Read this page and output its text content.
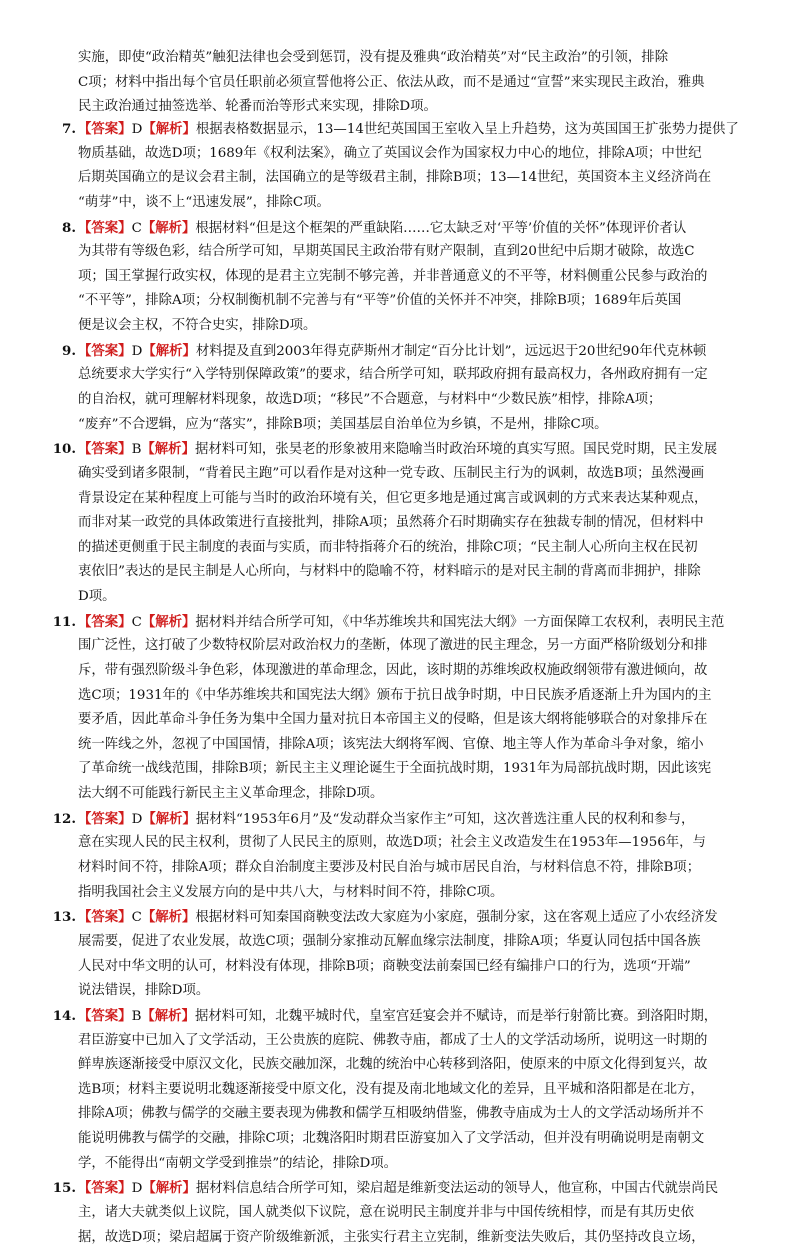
实施，即使“政治精英”触犯法律也会受到惩罚，没有提及雅典“政治精英”对“民主政治”的引领，排除
C项；材料中指出每个官员任职前必须宣誓他将公正、依法从政，而不是通过“宣誓”来实现民主政治，雅典
民主政治通过抽签选举、轮番而治等形式来实现，排除D项。
7. 【答案】D【解析】根据表格数据显示，13—14世纪英国国王室收入呈上升趋势，这为英国国王扩张势力提供了
物质基础，故选D项；1689年《权利法案》，确立了英国议会作为国家权力中心的地位，排除A项；中世纪
后期英国确立的是议会君主制，法国确立的是等级君主制，排除B项；13—14世纪，英国资本主义经济尚在
“萌芽”中，谈不上“迅速发展”，排除C项。
8. 【答案】C【解析】根据材料“但是这个框架的严重缺陷……它太缺乏对‘平等’价值的关怀”体现评价者认
为其带有等级色彩，结合所学可知，早期英国民主政治带有财产限制，直到20世纪中后期才破除，故选C
项；国王掌握行政实权，体现的是君主立宪制不够完善，并非普通意义的不平等，材料侧重公民参与政治的
“不平等”，排除A项；分权制衡机制不完善与有“平等”价值的关怀并不冲突，排除B项；1689年后英国
便是议会主权，不符合史实，排除D项。
9. 【答案】D【解析】材料提及直到2003年得克萨斯州才制定“百分比计划”，远远迟于20世纪90年代克林顿
总统要求大学实行“入学特别保障政策”的要求，结合所学可知，联邦政府拥有最高权力，各州政府拥有一定
的自治权，就可理解材料现象，故选D项；“移民”不合题意，与材料中“少数民族”相悖，排除A项；
“废弃”不合逻辑，应为“落实”，排除B项；美国基层自治单位为乡镇，不是州，排除C项。
10. 【答案】B【解析】据材料可知，张昊老的形象被用来隐喻当时政治环境的真实写照。国民党时期，民主发展
确实受到诸多限制，“背着民主跑”可以看作是对这种一党专政、压制民主行为的讽刺，故选B项；虽然漫画
背景设定在某种程度上可能与当时的政治环境有关，但它更多地是通过寓言或讽刺的方式来表达某种观点，
而非对某一政党的具体政策进行直接批判，排除A项；虽然蒋介石时期确实存在独裁专制的情况，但材料中
的描述更侧重于民主制度的表面与实质，而非特指蒋介石的统治，排除C项；“民主制人心所向主权在民初
衷依旧”表达的是民主制是人心所向，与材料中的隐喻不符，材料暗示的是对民主制的背离而非拥护，排除
D项。
11. 【答案】C【解析】据材料并结合所学可知，《中华苏维埃共和国宪法大纲》一方面保障工农权利，表明民主范
围广泛性，这打破了少数特权阶层对政治权力的垄断，体现了激进的民主理念，另一方面严格阶级划分和排
斥，带有强烈阶级斗争色彩，体现激进的革命理念，因此，该时期的苏维埃政权施政纲领带有激进倾向，故
选C项；1931年的《中华苏维埃共和国宪法大纲》颁布于抗日战争时期，中日民族矛盾逐渐上升为国内的主
要矛盾，因此革命斗争任务为集中全国力量对抗日本帝国主义的侵略，但是该大纲将能够联合的对象排斥在
统一阵线之外，忽视了中国国情，排除A项；该宪法大纲将军阀、官僚、地主等人作为革命斗争对象，缩小
了革命统一战线范围，排除B项；新民主主义理论诞生于全面抗战时期，1931年为局部抗战时期，因此该宪
法大纲不可能践行新民主主义革命理念，排除D项。
12. 【答案】D【解析】据材料“1953年6月”及“发动群众当家作主”可知，这次普选注重人民的权利和参与，
意在实现人民的民主权利，贯彻了人民民主的原则，故选D项；社会主义改造发生在1953年—1956年，与
材料时间不符，排除A项；群众自治制度主要涉及村民自治与城市居民自治，与材料信息不符，排除B项；
指明我国社会主义发展方向的是中共八大，与材料时间不符，排除C项。
13. 【答案】C【解析】根据材料可知秦国商鞅变法改大家庭为小家庭，强制分家，这在客观上适应了小农经济发
展需要，促进了农业发展，故选C项；强制分家推动瓦解血缘宗法制度，排除A项；华夏认同包括中国各族
人民对中华文明的认可，材料没有体现，排除B项；商鞅变法前秦国已经有编排户口的行为，选项“开端”
说法错误，排除D项。
14. 【答案】B【解析】据材料可知，北魏平城时代，皇室宫廷宴会并不赋诗，而是举行射箭比赛。到洛阳时期，
君臣游宴中已加入了文学活动，王公贵族的庭院、佛教寺庙，都成了士人的文学活动场所，说明这一时期的
鲜卑族逐渐接受中原汉文化，民族交融加深，北魏的统治中心转移到洛阳，使原来的中原文化得到复兴，故
选B项；材料主要说明北魏逐渐接受中原文化，没有提及南北地域文化的差异，且平城和洛阳都是在北方，
排除A项；佛教与儒学的交融主要表现为佛教和儒学互相吸纳借鉴，佛教寺庙成为士人的文学活动场所并不
能说明佛教与儒学的交融，排除C项；北魏洛阳时期君臣游宴加入了文学活动，但并没有明确说明是南朝文
学，不能得出“南朝文学受到推崇”的结论，排除D项。
15. 【答案】D【解析】据材料信息结合所学可知，梁启超是维新变法运动的领导人，他宣称，中国古代就崇尚民
主，诸大夫就类似上议院，国人就类似下议院，意在说明民主制度并非与中国传统相悖，而是有其历史依
据，故选D项；梁启超属于资产阶级维新派，主张实行君主立宪制，维新变法失败后，其仍坚持改良立场，
